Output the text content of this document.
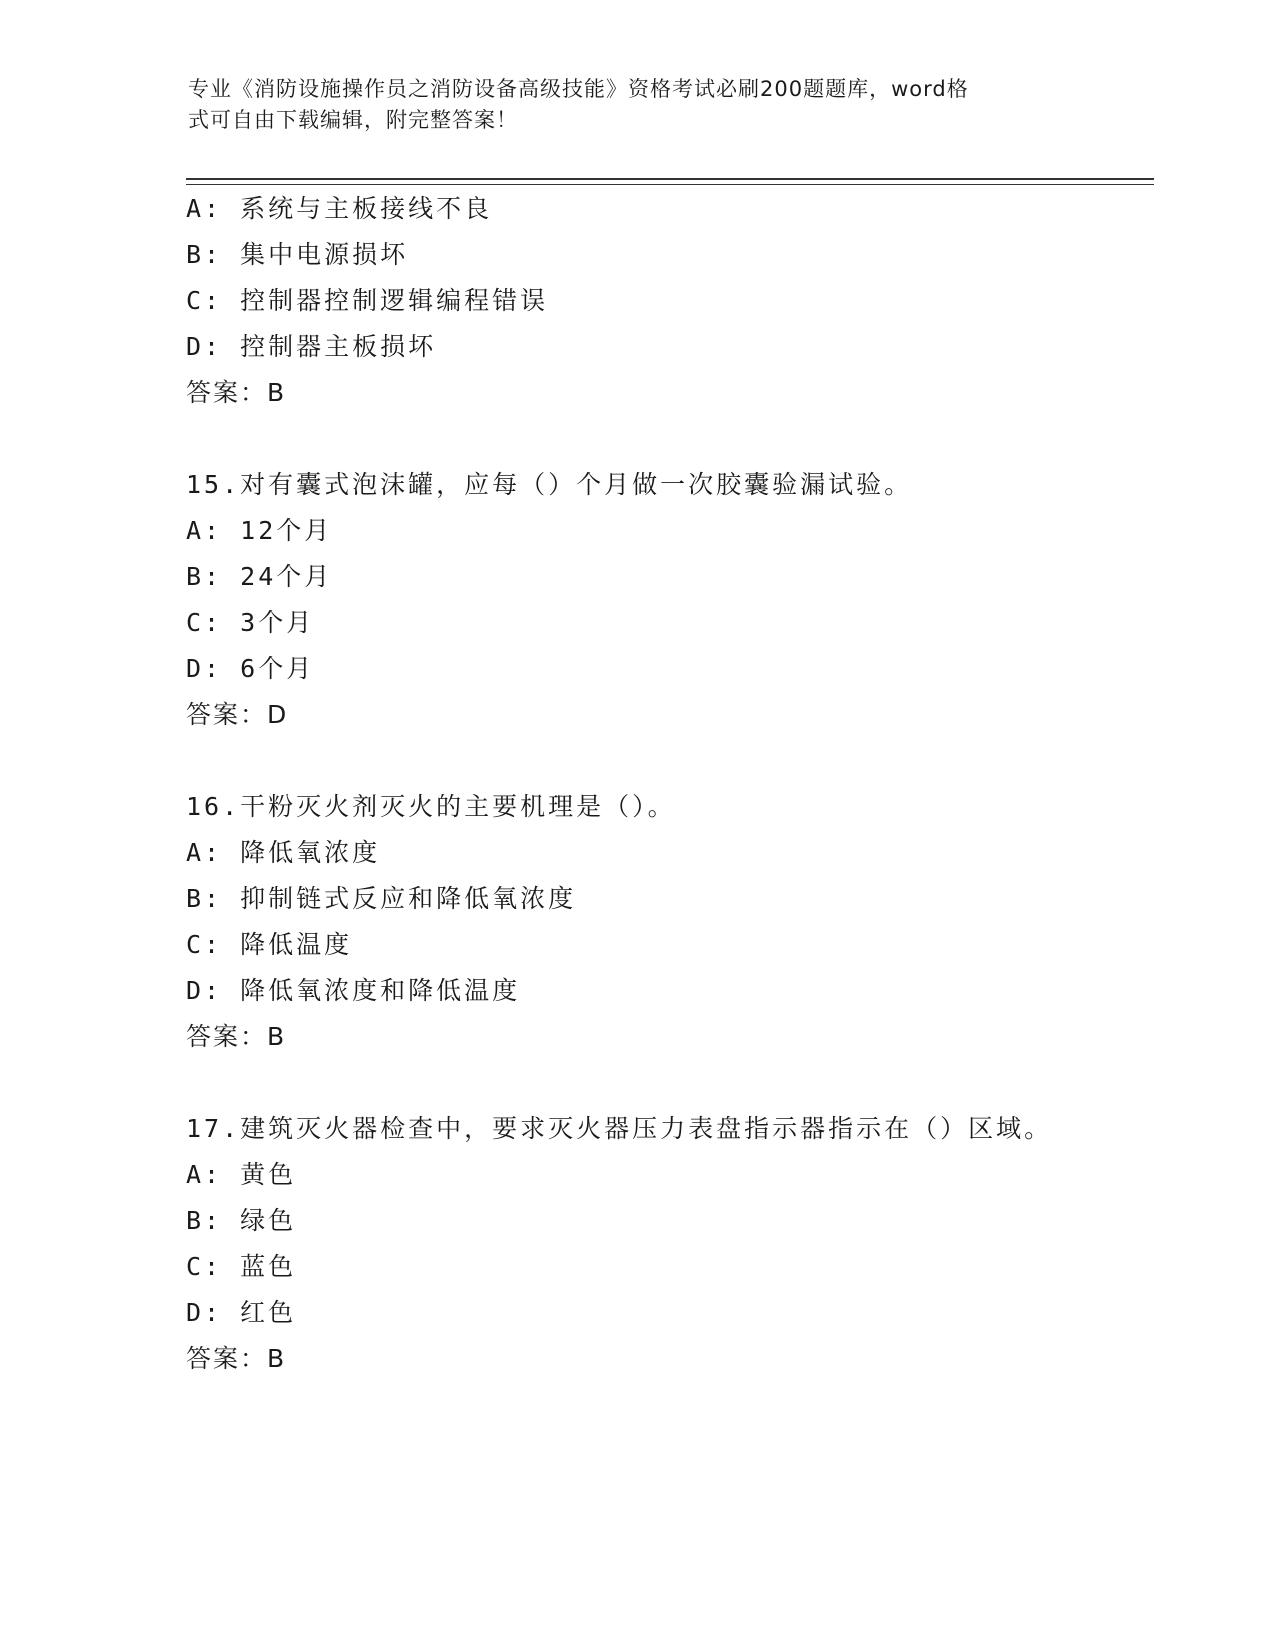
专业《消防设施操作员之消防设备高级技能》资格考试必刷200题题库，word格
式可自由下载编辑，附完整答案！
A: 系统与主板接线不良
B: 集中电源损坏
C: 控制器控制逻辑编程错误
D: 控制器主板损坏
答案：B
15.对有囊式泡沫罐，应每（）个月做一次胶囊验漏试验。
A: 12个月
B: 24个月
C: 3个月
D: 6个月
答案：D
16.干粉灭火剂灭火的主要机理是（）。
A: 降低氧浓度
B: 抑制链式反应和降低氧浓度
C: 降低温度
D: 降低氧浓度和降低温度
答案：B
17.建筑灭火器检查中，要求灭火器压力表盘指示器指示在（）区域。
A: 黄色
B: 绿色
C: 蓝色
D: 红色
答案：B
